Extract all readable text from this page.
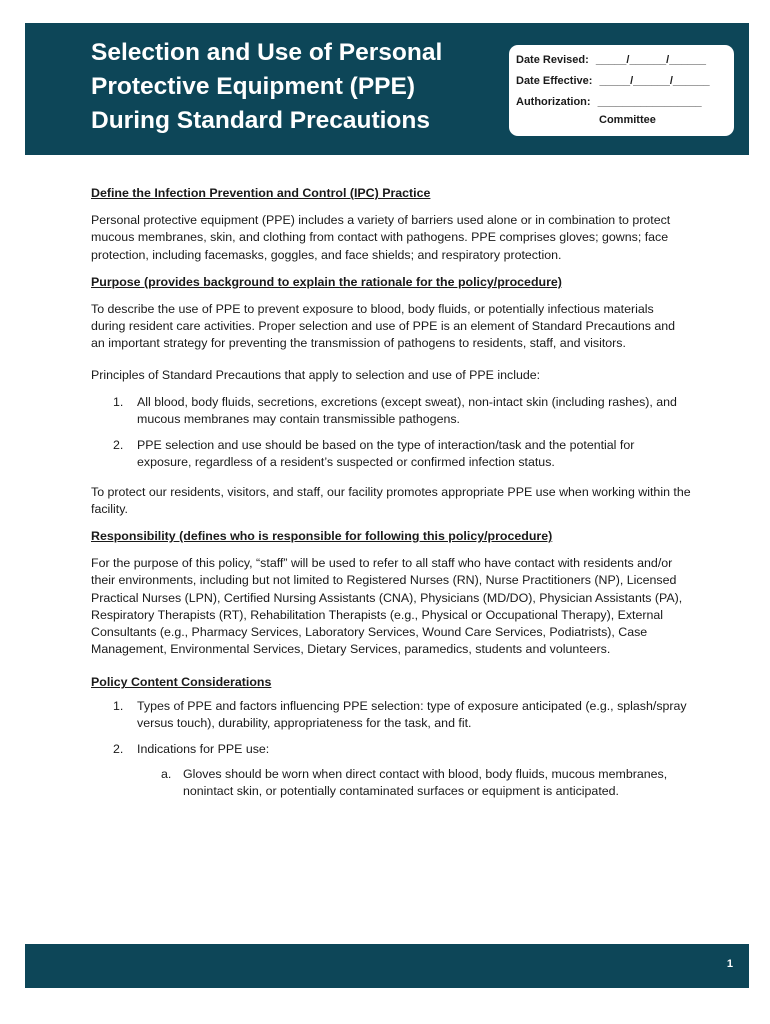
Selection and Use of Personal
Protective Equipment (PPE)
During Standard Precautions
Date Revised: _____/______/______
Date Effective: _____/______/______
Authorization: _________________
Committee
Define the Infection Prevention and Control (IPC) Practice

Personal protective equipment (PPE) includes a variety of barriers used alone or in combination to protect mucous membranes, skin, and clothing from contact with pathogens. PPE comprises gloves; gowns; face protection, including facemasks, goggles, and face shields; and respiratory protection.

Purpose (provides background to explain the rationale for the policy/procedure)

To describe the use of PPE to prevent exposure to blood, body fluids, or potentially infectious materials during resident care activities. Proper selection and use of PPE is an element of Standard Precautions and an important strategy for preventing the transmission of pathogens to residents, staff, and visitors.

Principles of Standard Precautions that apply to selection and use of PPE include:

1. All blood, body fluids, secretions, excretions (except sweat), non-intact skin (including rashes), and mucous membranes may contain transmissible pathogens.
2. PPE selection and use should be based on the type of interaction/task and the potential for exposure, regardless of a resident’s suspected or confirmed infection status.

To protect our residents, visitors, and staff, our facility promotes appropriate PPE use when working within the facility.

Responsibility (defines who is responsible for following this policy/procedure)

For the purpose of this policy, “staff” will be used to refer to all staff who have contact with residents and/or their environments, including but not limited to Registered Nurses (RN), Nurse Practitioners (NP), Licensed Practical Nurses (LPN), Certified Nursing Assistants (CNA), Physicians (MD/DO), Physician Assistants (PA), Respiratory Therapists (RT), Rehabilitation Therapists (e.g., Physical or Occupational Therapy), External Consultants (e.g., Pharmacy Services, Laboratory Services, Wound Care Services, Podiatrists), Case Management, Environmental Services, Dietary Services, paramedics, students and volunteers.

Policy Content Considerations
1. Types of PPE and factors influencing PPE selection: type of exposure anticipated (e.g., splash/spray versus touch), durability, appropriateness for the task, and fit.
2. Indications for PPE use:
a. Gloves should be worn when direct contact with blood, body fluids, mucous membranes, nonintact skin, or potentially contaminated surfaces or equipment is anticipated.
1
